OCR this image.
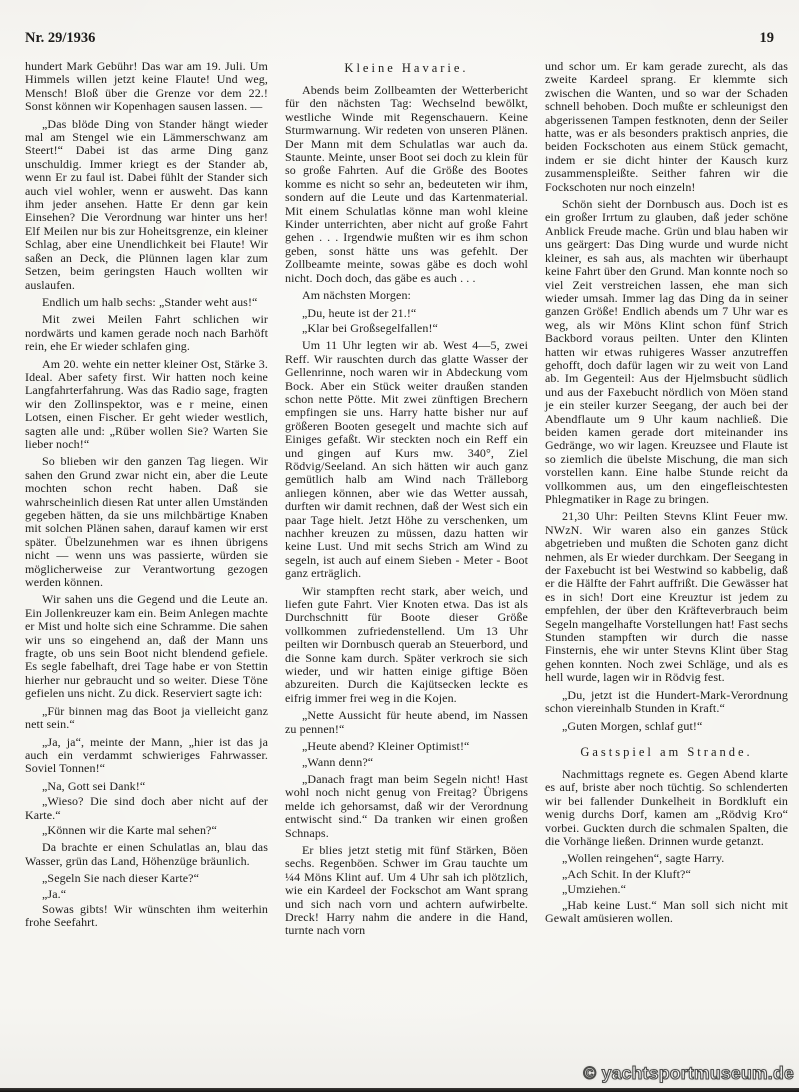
Nr. 29/1936	19

hundert Mark Gebühr! Das war am 19. Juli. Um Himmels willen jetzt keine Flaute! Und weg, Mensch! Bloß über die Grenze vor dem 22.! Sonst können wir Kopenhagen sausen lassen. —

„Das blöde Ding von Stander hängt wieder mal am Stengel wie ein Lämmerschwanz am Steert!“ Dabei ist das arme Ding ganz unschuldig. Immer kriegt es der Stander ab, wenn Er zu faul ist. Dabei fühlt der Stander sich auch viel wohler, wenn er ausweht. Das kann ihm jeder ansehen. Hatte Er denn gar kein Einsehen? Die Verordnung war hinter uns her! Elf Meilen nur bis zur Hoheitsgrenze, ein kleiner Schlag, aber eine Unendlichkeit bei Flaute! Wir saßen an Deck, die Plünnen lagen klar zum Setzen, beim geringsten Hauch wollten wir auslaufen.

Endlich um halb sechs: „Stander weht aus!“

Mit zwei Meilen Fahrt schlichen wir nordwärts und kamen gerade noch nach Barhöft rein, ehe Er wieder schlafen ging.

Am 20. wehte ein netter kleiner Ost, Stärke 3. Ideal. Aber safety first. Wir hatten noch keine Langfahrterfahrung. Was das Radio sage, fragten wir den Zollinspektor, was e r meine, einen Lotsen, einen Fischer. Er geht wieder westlich, sagten alle und: „Rüber wollen Sie? Warten Sie lieber noch!“

So blieben wir den ganzen Tag liegen. Wir sahen den Grund zwar nicht ein, aber die Leute mochten schon recht haben. Daß sie wahrscheinlich diesen Rat unter allen Umständen gegeben hätten, da sie uns milchbärtige Knaben mit solchen Plänen sahen, darauf kamen wir erst später. Übelzunehmen war es ihnen übrigens nicht — wenn uns was passierte, würden sie möglicherweise zur Verantwortung gezogen werden können.

Wir sahen uns die Gegend und die Leute an. Ein Jollenkreuzer kam ein. Beim Anlegen machte er Mist und holte sich eine Schramme. Die sahen wir uns so eingehend an, daß der Mann uns fragte, ob uns sein Boot nicht blendend gefiele. Es segle fabelhaft, drei Tage habe er von Stettin hierher nur gebraucht und so weiter. Diese Töne gefielen uns nicht. Zu dick. Reserviert sagte ich:

„Für binnen mag das Boot ja vielleicht ganz nett sein.“

„Ja, ja“, meinte der Mann, „hier ist das ja auch ein verdammt schwieriges Fahrwasser. Soviel Tonnen!“

„Na, Gott sei Dank!“

„Wieso? Die sind doch aber nicht auf der Karte.“

„Können wir die Karte mal sehen?“

Da brachte er einen Schulatlas an, blau das Wasser, grün das Land, Höhenzüge bräunlich.

„Segeln Sie nach dieser Karte?“

„Ja.“

Sowas gibts! Wir wünschten ihm weiterhin frohe Seefahrt.

Kleine Havarie.

Abends beim Zollbeamten der Wetterbericht für den nächsten Tag: Wechselnd bewölkt, westliche Winde mit Regenschauern. Keine Sturmwarnung. Wir redeten von unseren Plänen. Der Mann mit dem Schulatlas war auch da. Staunte. Meinte, unser Boot sei doch zu klein für so große Fahrten. Auf die Größe des Bootes komme es nicht so sehr an, bedeuteten wir ihm, sondern auf die Leute und das Kartenmaterial. Mit einem Schulatlas könne man wohl kleine Kinder unterrichten, aber nicht auf große Fahrt gehen . . . Irgendwie mußten wir es ihm schon geben, sonst hätte uns was gefehlt. Der Zollbeamte meinte, sowas gäbe es doch wohl nicht. Doch doch, das gäbe es auch . . .

Am nächsten Morgen:

„Du, heute ist der 21.!“

„Klar bei Großsegelfallen!“

Um 11 Uhr legten wir ab. West 4—5, zwei Reff. Wir rauschten durch das glatte Wasser der Gellenrinne, noch waren wir in Abdeckung vom Bock. Aber ein Stück weiter draußen standen schon nette Pötte. Mit zwei zünftigen Brechern empfingen sie uns. Harry hatte bisher nur auf größeren Booten gesegelt und machte sich auf Einiges gefaßt. Wir steckten noch ein Reff ein und gingen auf Kurs mw. 340°, Ziel Rödvig/Seeland. An sich hätten wir auch ganz gemütlich halb am Wind nach Trälleborg anliegen können, aber wie das Wetter aussah, durften wir damit rechnen, daß der West sich ein paar Tage hielt. Jetzt Höhe zu verschenken, um nachher kreuzen zu müssen, dazu hatten wir keine Lust. Und mit sechs Strich am Wind zu segeln, ist auch auf einem Sieben - Meter - Boot ganz erträglich.

Wir stampften recht stark, aber weich, und liefen gute Fahrt. Vier Knoten etwa. Das ist als Durchschnitt für Boote dieser Größe vollkommen zufriedenstellend. Um 13 Uhr peilten wir Dornbusch querab an Steuerbord, und die Sonne kam durch. Später verkroch sie sich wieder, und wir hatten einige giftige Böen abzureiten. Durch die Kajütsecken leckte es eifrig immer frei weg in die Kojen.

„Nette Aussicht für heute abend, im Nassen zu pennen!“

„Heute abend? Kleiner Optimist!“

„Wann denn?“

„Danach fragt man beim Segeln nicht! Hast wohl noch nicht genug von Freitag? Übrigens melde ich gehorsamst, daß wir der Verordnung entwischt sind.“ Da tranken wir einen großen Schnaps.

Er blies jetzt stetig mit fünf Stärken, Böen sechs. Regenböen. Schwer im Grau tauchte um ¼4 Möns Klint auf. Um 4 Uhr sah ich plötzlich, wie ein Kardeel der Fockschot am Want sprang und sich nach vorn und achtern aufwirbelte. Dreck! Harry nahm die andere in die Hand, turnte nach vorn

und schor um. Er kam gerade zurecht, als das zweite Kardeel sprang. Er klemmte sich zwischen die Wanten, und so war der Schaden schnell behoben. Doch mußte er schleunigst den abgerissenen Tampen festknoten, denn der Seiler hatte, was er als besonders praktisch anpries, die beiden Fockschoten aus einem Stück gemacht, indem er sie dicht hinter der Kausch kurz zusammenspleißte. Seither fahren wir die Fockschoten nur noch einzeln!

Schön sieht der Dornbusch aus. Doch ist es ein großer Irrtum zu glauben, daß jeder schöne Anblick Freude mache. Grün und blau haben wir uns geärgert: Das Ding wurde und wurde nicht kleiner, es sah aus, als machten wir überhaupt keine Fahrt über den Grund. Man konnte noch so viel Zeit verstreichen lassen, ehe man sich wieder umsah. Immer lag das Ding da in seiner ganzen Größe! Endlich abends um 7 Uhr war es weg, als wir Möns Klint schon fünf Strich Backbord voraus peilten. Unter den Klinten hatten wir etwas ruhigeres Wasser anzutreffen gehofft, doch dafür lagen wir zu weit von Land ab. Im Gegenteil: Aus der Hjelmsbucht südlich und aus der Faxebucht nördlich von Möen stand je ein steiler kurzer Seegang, der auch bei der Abendflaute um 9 Uhr kaum nachließ. Die beiden kamen gerade dort miteinander ins Gedränge, wo wir lagen. Kreuzsee und Flaute ist so ziemlich die übelste Mischung, die man sich vorstellen kann. Eine halbe Stunde reicht da vollkommen aus, um den eingefleischtesten Phlegmatiker in Rage zu bringen.

21,30 Uhr: Peilten Stevns Klint Feuer mw. NWzN. Wir waren also ein ganzes Stück abgetrieben und mußten die Schoten ganz dicht nehmen, als Er wieder durchkam. Der Seegang in der Faxebucht ist bei Westwind so kabbelig, daß er die Hälfte der Fahrt auffrißt. Die Gewässer hat es in sich! Dort eine Kreuztur ist jedem zu empfehlen, der über den Kräfteverbrauch beim Segeln mangelhafte Vorstellungen hat! Fast sechs Stunden stampften wir durch die nasse Finsternis, ehe wir unter Stevns Klint über Stag gehen konnten. Noch zwei Schläge, und als es hell wurde, lagen wir in Rödvig fest.

„Du, jetzt ist die Hundert-Mark-Verordnung schon viereinhalb Stunden in Kraft.“

„Guten Morgen, schlaf gut!“

Gastspiel am Strande.

Nachmittags regnete es. Gegen Abend klarte es auf, briste aber noch tüchtig. So schlenderten wir bei fallender Dunkelheit in Bordkluft ein wenig durchs Dorf, kamen am „Rödvig Kro“ vorbei. Guckten durch die schmalen Spalten, die die Vorhänge ließen. Drinnen wurde getanzt.

„Wollen reingehen“, sagte Harry.

„Ach Schit. In der Kluft?“

„Umziehen.“

„Hab keine Lust.“ Man soll sich nicht mit Gewalt amüsieren wollen.

© yachtsportmuseum.de
